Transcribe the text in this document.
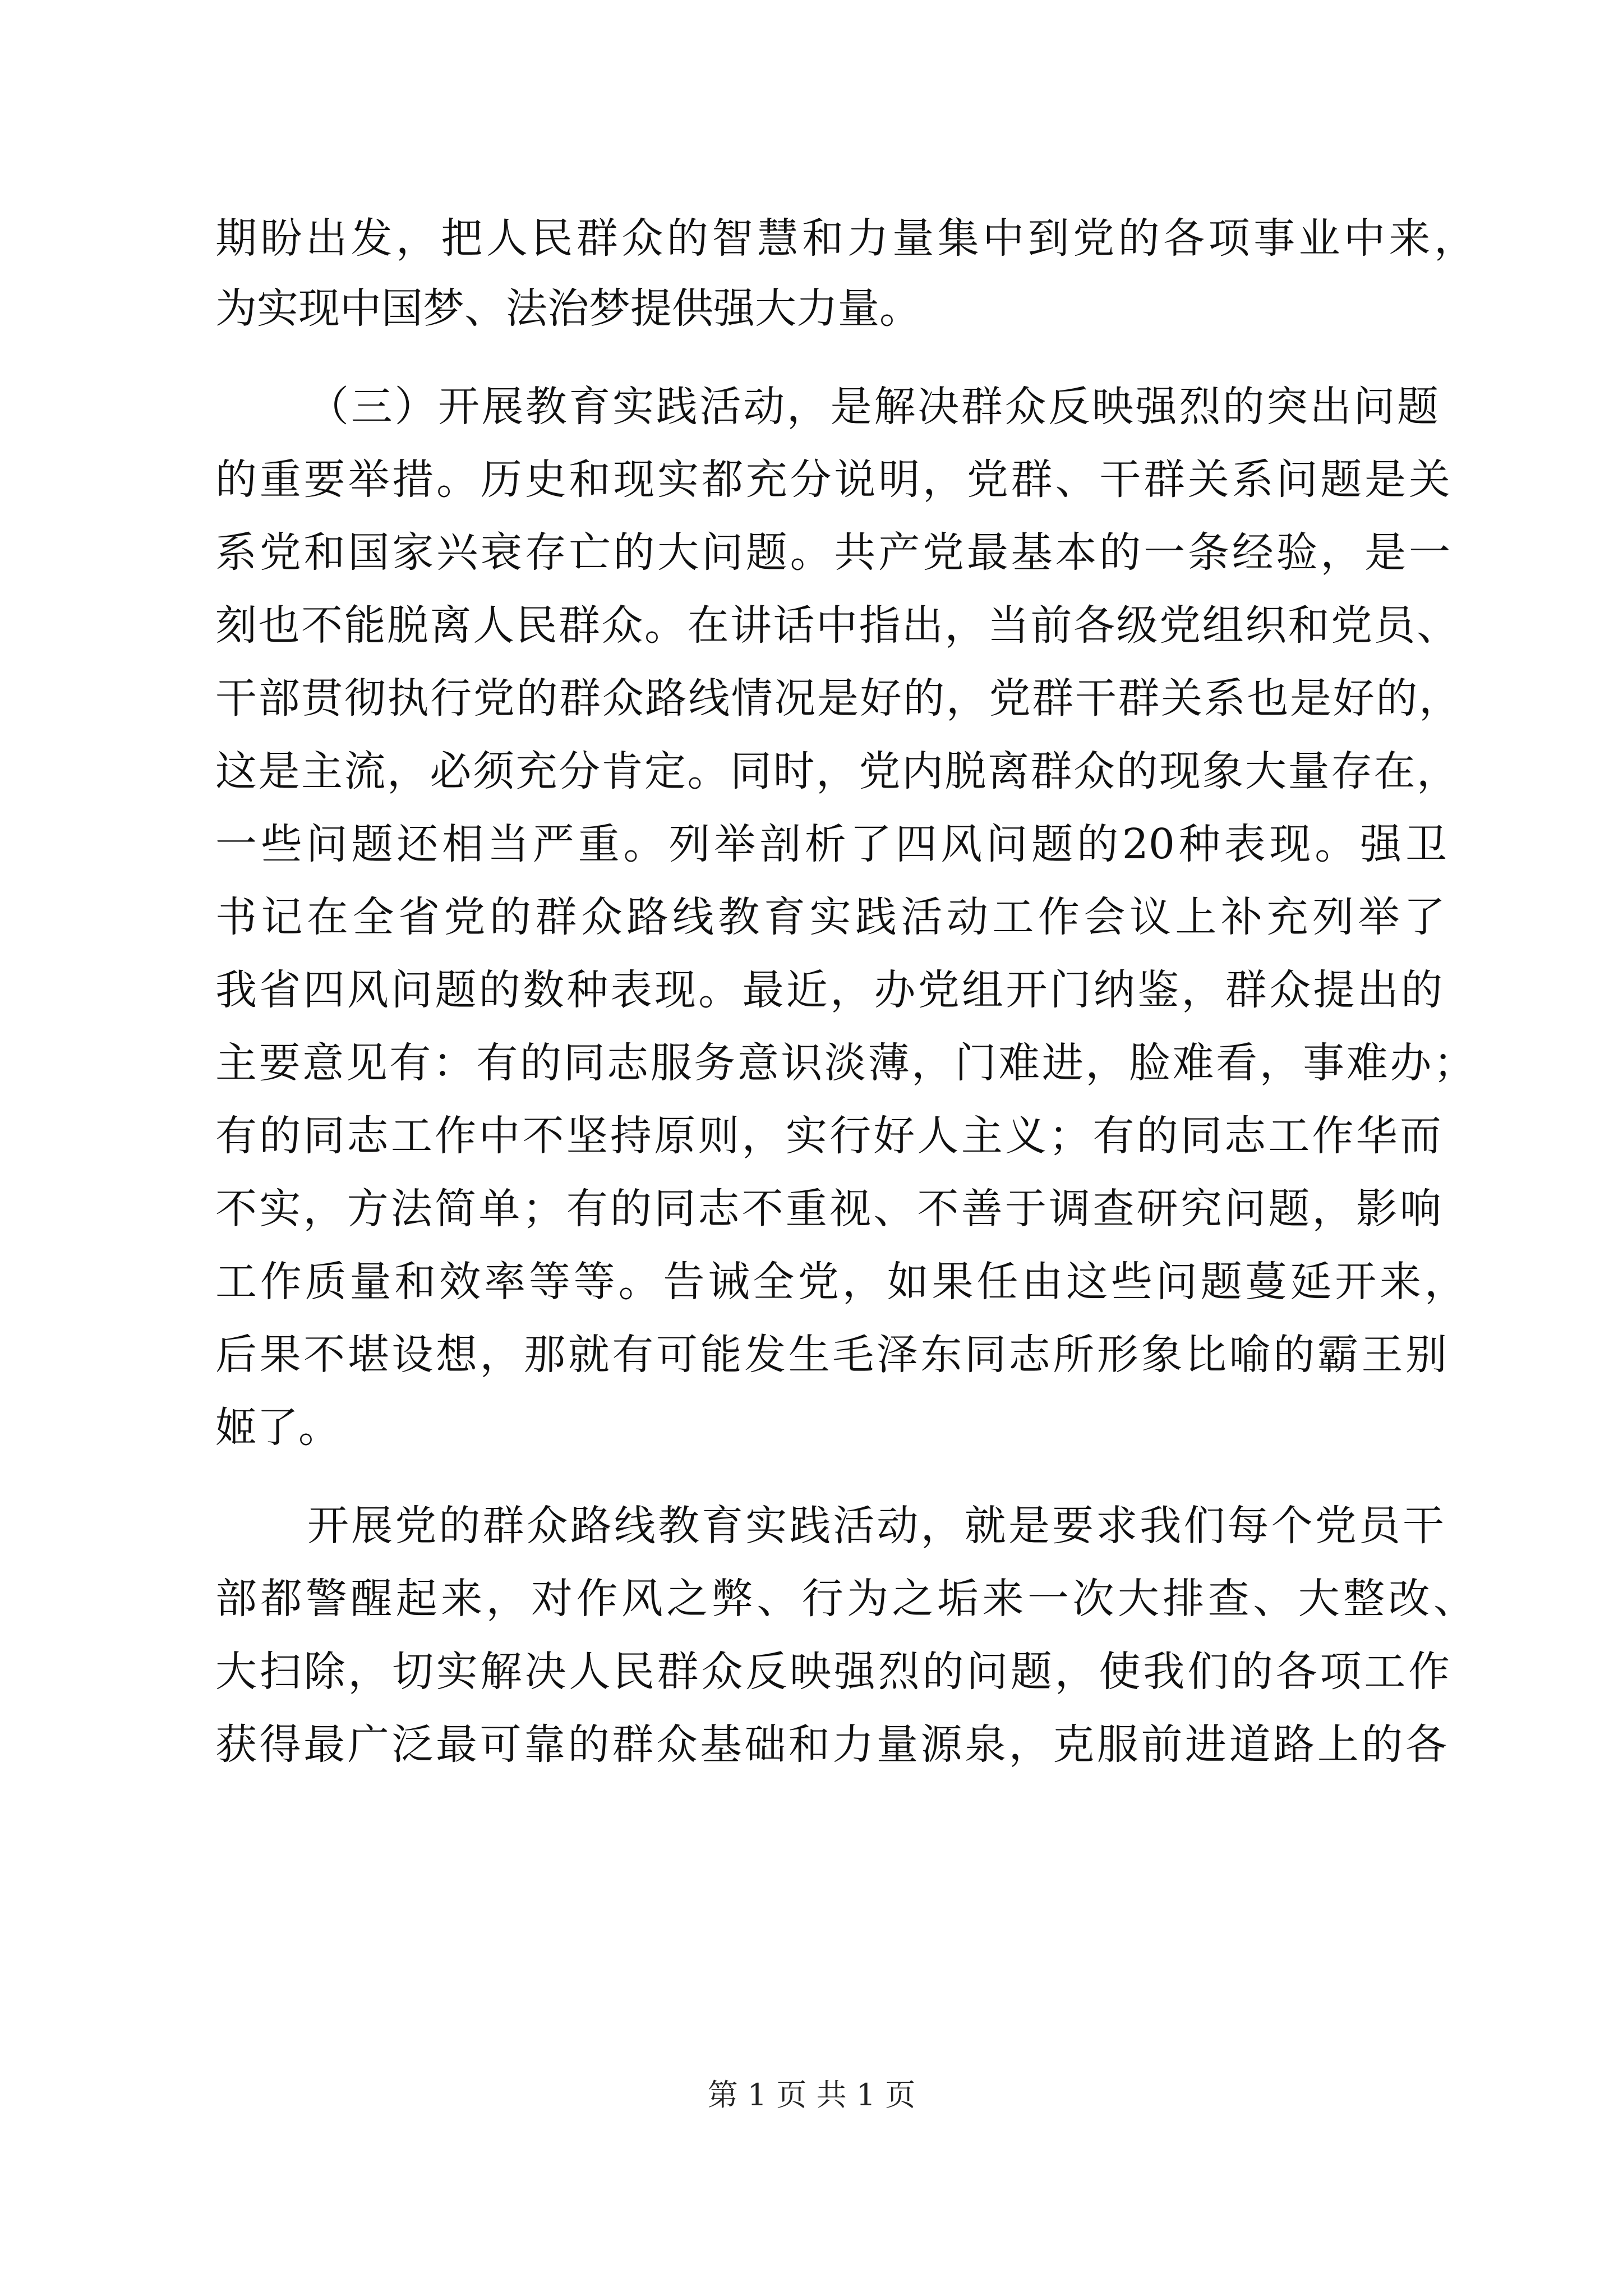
期盼出发，把人民群众的智慧和力量集中到党的各项事业中来，
为实现中国梦、法治梦提供强大力量。
（三）开展教育实践活动，是解决群众反映强烈的突出问题
的重要举措。历史和现实都充分说明，党群、干群关系问题是关
系党和国家兴衰存亡的大问题。共产党最基本的一条经验，是一
刻也不能脱离人民群众。在讲话中指出，当前各级党组织和党员、
干部贯彻执行党的群众路线情况是好的，党群干群关系也是好的，
这是主流，必须充分肯定。同时，党内脱离群众的现象大量存在，
一些问题还相当严重。列举剖析了四风问题的20种表现。强卫
书记在全省党的群众路线教育实践活动工作会议上补充列举了
我省四风问题的数种表现。最近，办党组开门纳鉴，群众提出的
主要意见有：有的同志服务意识淡薄，门难进，脸难看，事难办；
有的同志工作中不坚持原则，实行好人主义；有的同志工作华而
不实，方法简单；有的同志不重视、不善于调查研究问题，影响
工作质量和效率等等。告诫全党，如果任由这些问题蔓延开来，
后果不堪设想，那就有可能发生毛泽东同志所形象比喻的霸王别
姬了。
开展党的群众路线教育实践活动，就是要求我们每个党员干
部都警醒起来，对作风之弊、行为之垢来一次大排查、大整改、
大扫除，切实解决人民群众反映强烈的问题，使我们的各项工作
获得最广泛最可靠的群众基础和力量源泉，克服前进道路上的各
第 1 页 共 1 页
